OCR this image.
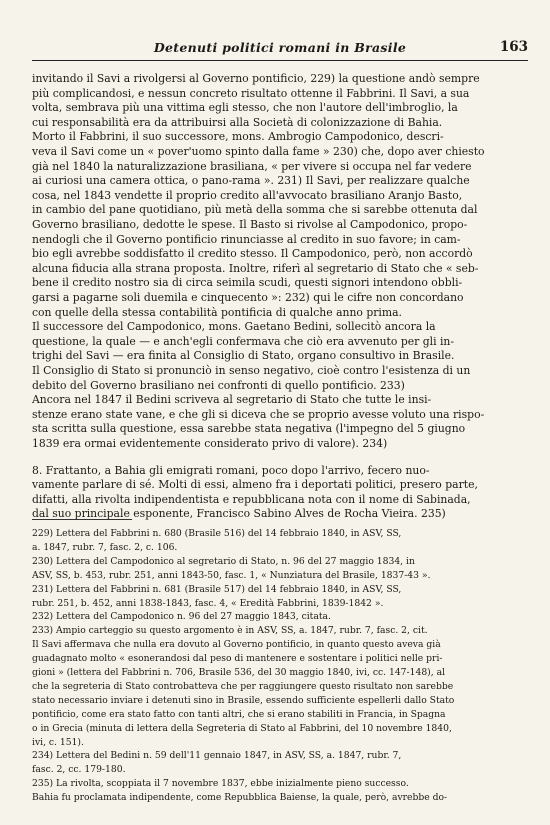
Detenuti politici romani in Brasile	163
invitando il Savi a rivolgersi al Governo pontificio, 229) la questione andò sempre
più complicandosi, e nessun concreto risultato ottenne il Fabbrini. Il Savi, a sua
volta, sembrava più una vittima egli stesso, che non l'autore dell'imbroglio, la
cui responsabilità era da attribuirsi alla Società di colonizzazione di Bahia.
Morto il Fabbrini, il suo successore, mons. Ambrogio Campodonico, descri-
veva il Savi come un « pover'uomo spinto dalla fame » 230) che, dopo aver chiesto
già nel 1840 la naturalizzazione brasiliana, « per vivere si occupa nel far vedere
ai curiosi una camera ottica, o pano-rama ». 231) Il Savi, per realizzare qualche
cosa, nel 1843 vendette il proprio credito all'avvocato brasiliano Aranjo Basto,
in cambio del pane quotidiano, più metà della somma che si sarebbe ottenuta dal
Governo brasiliano, dedotte le spese. Il Basto si rivolse al Campodonico, propo-
nendogli che il Governo pontificio rinunciasse al credito in suo favore; in cam-
bio egli avrebbe soddisfatto il credito stesso. Il Campodonico, però, non accordò
alcuna fiducia alla strana proposta. Inoltre, riferì al segretario di Stato che « seb-
bene il credito nostro sia di circa seimila scudi, questi signori intendono obbli-
garsi a pagarne soli duemila e cinquecento »: 232) qui le cifre non concordano
con quelle della stessa contabilità pontificia di qualche anno prima.
Il successore del Campodonico, mons. Gaetano Bedini, sollecitò ancora la
questione, la quale — e anch'egli confermava che ciò era avvenuto per gli in-
trighi del Savi — era finita al Consiglio di Stato, organo consultivo in Brasile.
Il Consiglio di Stato si pronunciò in senso negativo, cioè contro l'esistenza di un
debito del Governo brasiliano nei confronti di quello pontificio. 233)
Ancora nel 1847 il Bedini scriveva al segretario di Stato che tutte le insi-
stenze erano state vane, e che gli si diceva che se proprio avesse voluto una rispo-
sta scritta sulla questione, essa sarebbe stata negativa (l'impegno del 5 giugno
1839 era ormai evidentemente considerato privo di valore). 234)
8. Frattanto, a Bahia gli emigrati romani, poco dopo l'arrivo, fecero nuo-
vamente parlare di sé. Molti di essi, almeno fra i deportati politici, presero parte,
difatti, alla rivolta indipendentista e repubblicana nota con il nome di Sabinada,
dal suo principale esponente, Francisco Sabino Alves de Rocha Vieira. 235)
229) Lettera del Fabbrini n. 680 (Brasile 516) del 14 febbraio 1840, in ASV, SS,
a. 1847, rubr. 7, fasc. 2, c. 106.
230) Lettera del Campodonico al segretario di Stato, n. 96 del 27 maggio 1834, in
ASV, SS, b. 453, rubr. 251, anni 1843-50, fasc. 1, « Nunziatura del Brasile, 1837-43 ».
231) Lettera del Fabbrini n. 681 (Brasile 517) del 14 febbraio 1840, in ASV, SS,
rubr. 251, b. 452, anni 1838-1843, fasc. 4, « Eredità Fabbrini, 1839-1842 ».
232) Lettera del Campodonico n. 96 del 27 maggio 1843, citata.
233) Ampio carteggio su questo argomento è in ASV, SS, a. 1847, rubr. 7, fasc. 2, cit.
Il Savi affermava che nulla era dovuto al Governo pontificio, in quanto questo aveva già
guadagnato molto « esonerandosi dal peso di mantenere e sostentare i politici nelle pri-
gioni » (lettera del Fabbrini n. 706, Brasile 536, del 30 maggio 1840, ivi, cc. 147-148), al
che la segreteria di Stato controbatteva che per raggiungere questo risultato non sarebbe
stato necessario inviare i detenuti sino in Brasile, essendo sufficiente espellerli dallo Stato
pontificio, come era stato fatto con tanti altri, che si erano stabiliti in Francia, in Spagna
o in Grecia (minuta di lettera della Segreteria di Stato al Fabbrini, del 10 novembre 1840,
ivi, c. 151).
234) Lettera del Bedini n. 59 dell'11 gennaio 1847, in ASV, SS, a. 1847, rubr. 7,
fasc. 2, cc. 179-180.
235) La rivolta, scoppiata il 7 novembre 1837, ebbe inizialmente pieno successo.
Bahia fu proclamata indipendente, come Repubblica Baiense, la quale, però, avrebbe do-
